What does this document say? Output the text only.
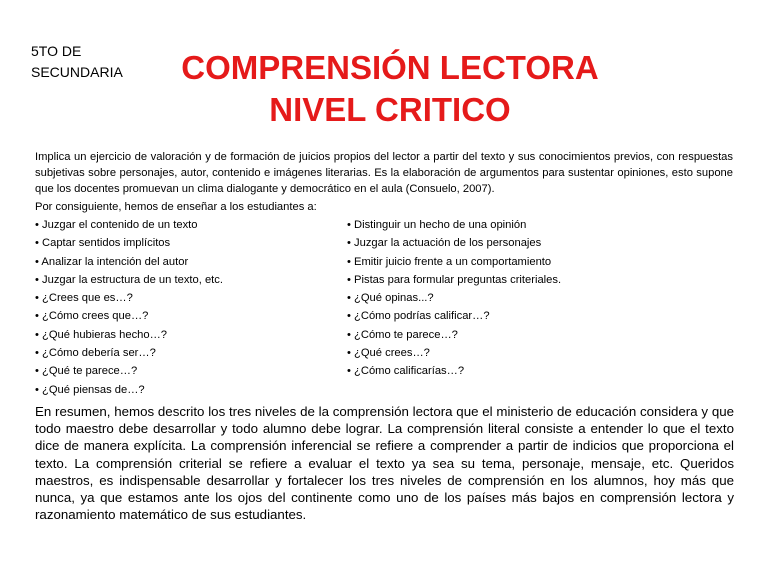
5TO DE
SECUNDARIA	COMPRENSIÓN LECTORA
NIVEL CRITICO
Implica un ejercicio de valoración y de formación de juicios propios del lector a partir del texto y sus conocimientos previos, con respuestas subjetivas sobre personajes, autor, contenido e imágenes literarias. Es la elaboración de argumentos para sustentar opiniones, esto supone que los docentes promuevan un clima dialogante y democrático en el aula (Consuelo, 2007).
Por consiguiente, hemos de enseñar a los estudiantes a:
• Juzgar el contenido de un texto
• Captar sentidos implícitos
• Analizar la intención del autor
• Juzgar la estructura de un texto, etc.
• ¿Crees que es…?
• ¿Cómo crees que…?
• ¿Qué hubieras hecho…?
• ¿Cómo debería ser…?
• ¿Qué te parece…?
• ¿Qué piensas de…?
• Distinguir un hecho de una opinión
• Juzgar la actuación de los personajes
• Emitir juicio frente a un comportamiento
• Pistas para formular preguntas criteriales.
• ¿Qué opinas...?
• ¿Cómo podrías calificar…?
• ¿Cómo te parece…?
• ¿Qué crees…?
• ¿Cómo calificarías…?
En resumen, hemos descrito los tres niveles de la comprensión lectora que el ministerio de educación considera y que todo maestro debe desarrollar y todo alumno debe lograr. La comprensión literal consiste a entender lo que el texto dice de manera explícita. La comprensión inferencial se refiere a comprender a partir de indicios que proporciona el texto. La comprensión criterial se refiere a evaluar el texto ya sea su tema, personaje, mensaje, etc. Queridos maestros, es indispensable desarrollar y fortalecer los tres niveles de comprensión en los alumnos, hoy más que nunca, ya que estamos ante los ojos del continente como uno de los países más bajos en comprensión lectora y razonamiento matemático de sus estudiantes.
